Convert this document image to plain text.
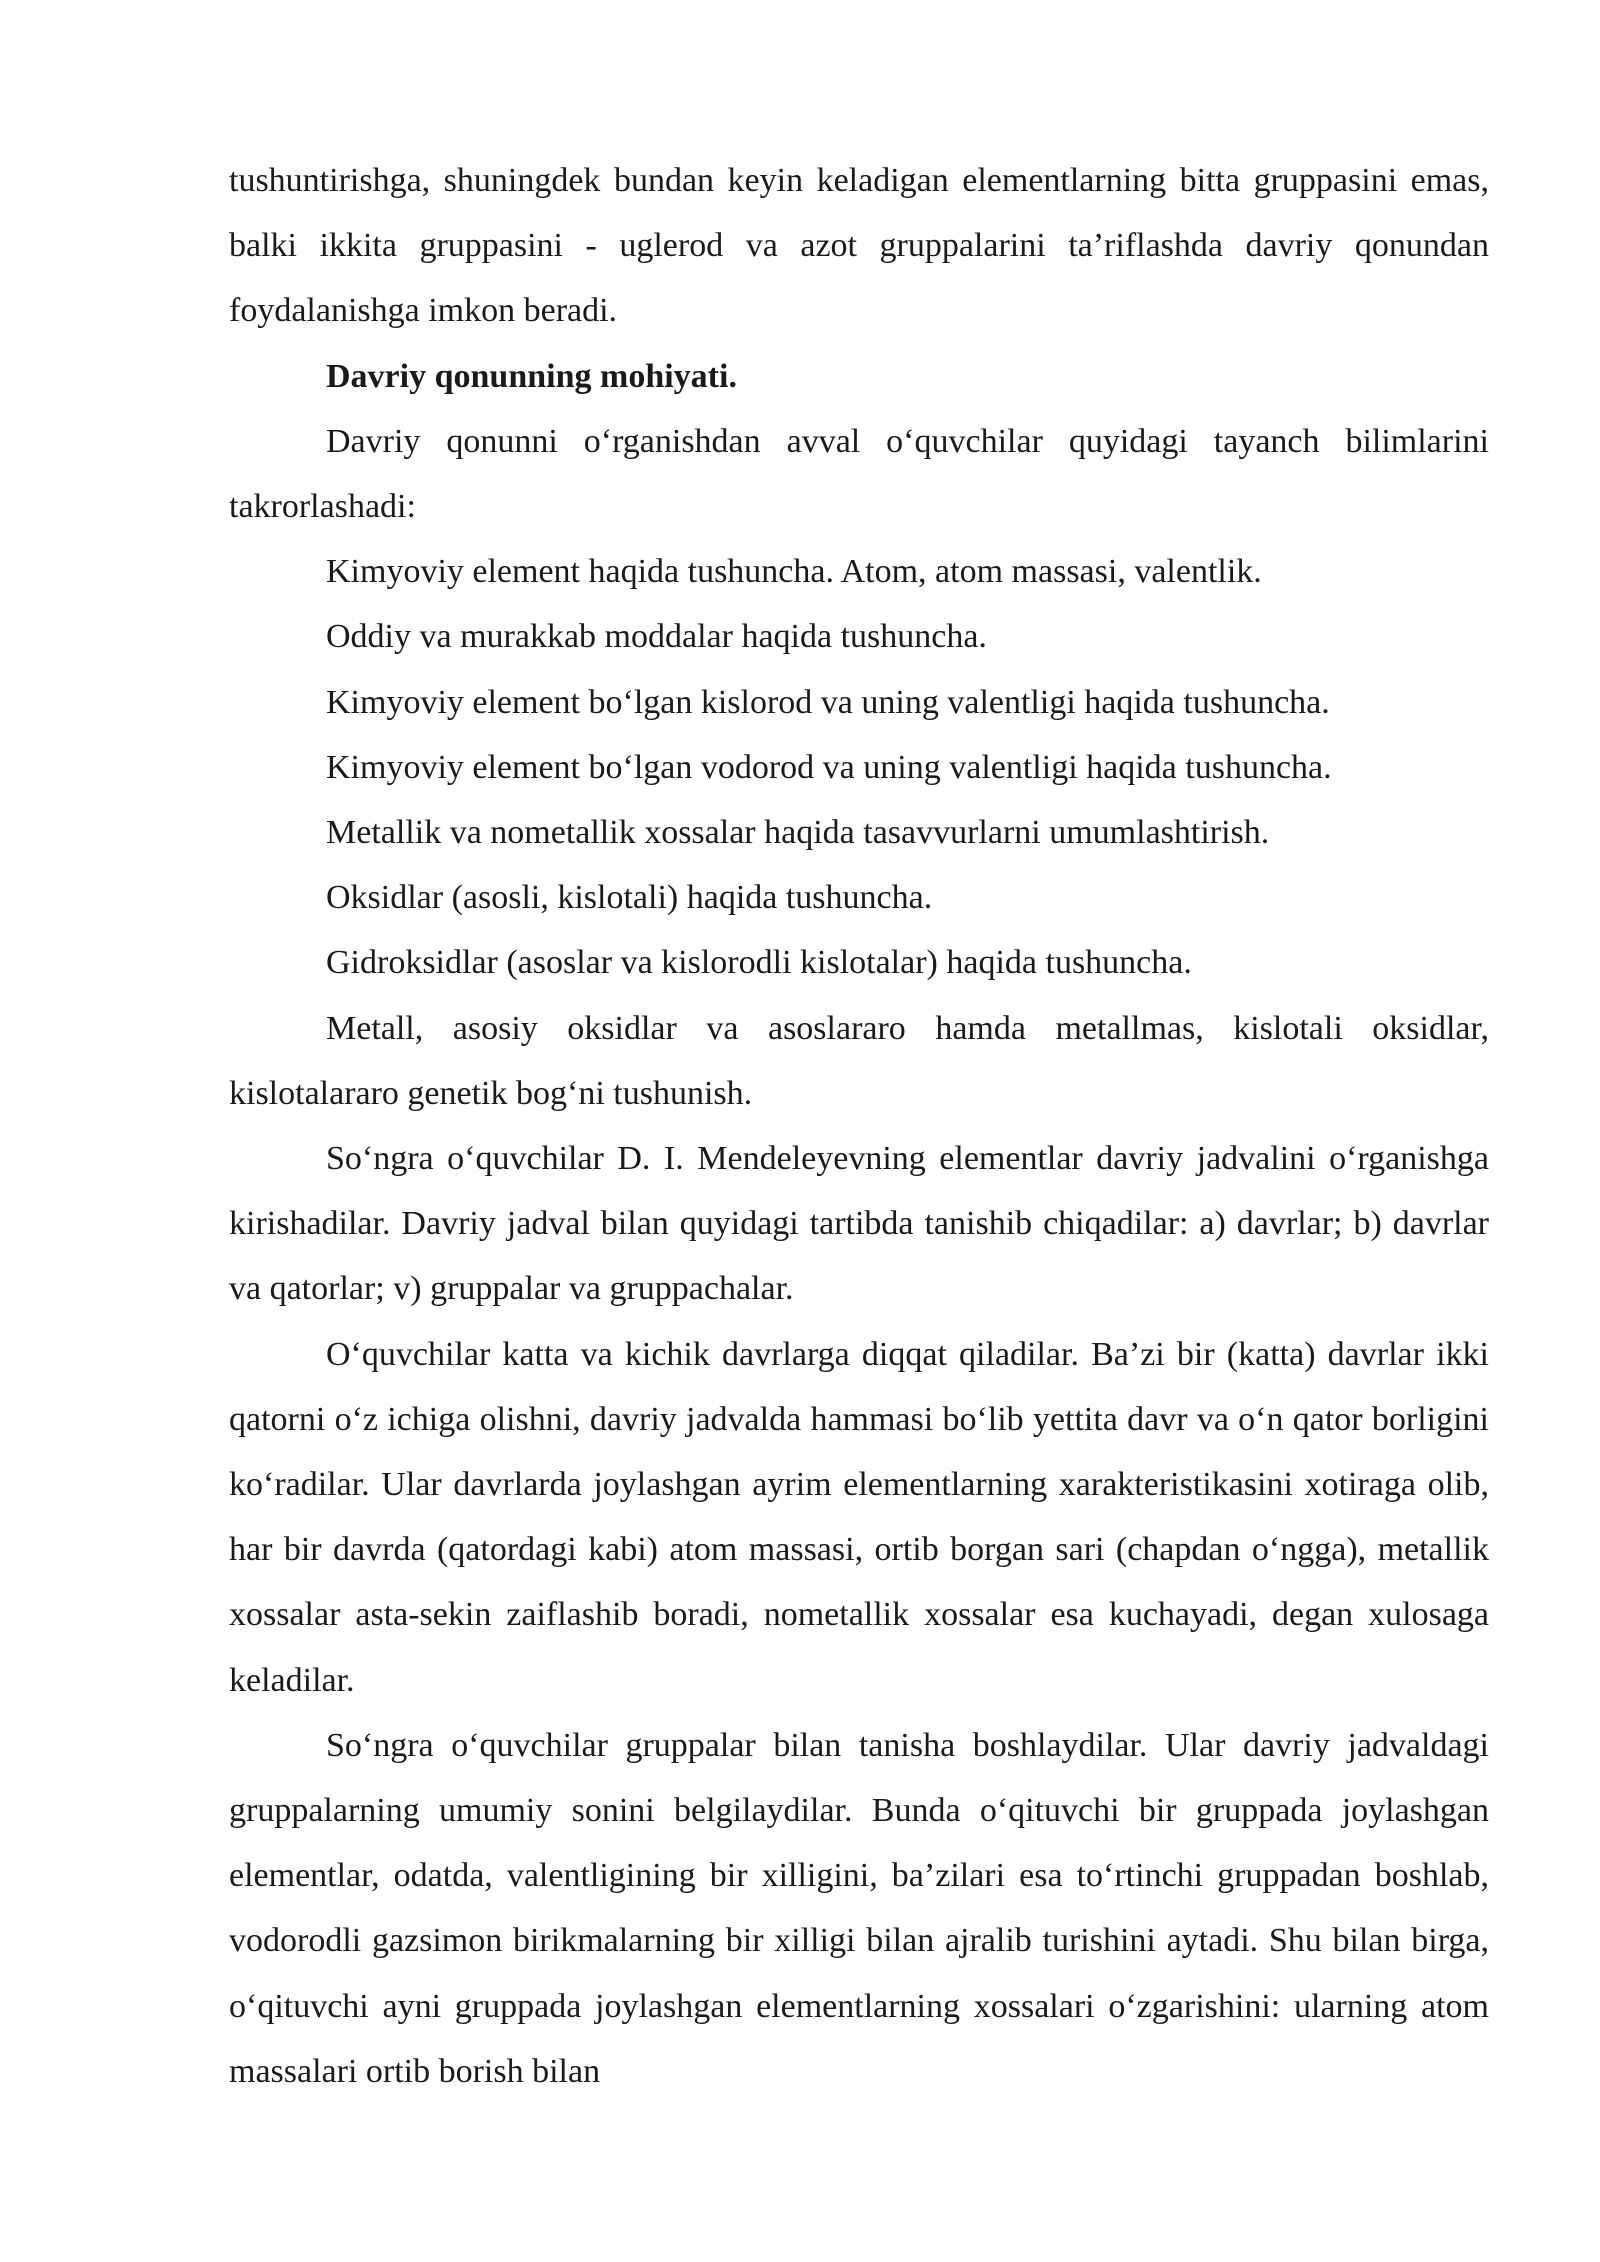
tushuntirishga, shuningdek bundan keyin keladigan elementlarning bitta gruppasini emas, balki ikkita gruppasini - uglerod va azot gruppalarini ta’riflashda davriy qonundan foydalanishga imkon beradi.

Davriy qonunning mohiyati.

Davriy qonunni o‘rganishdan avval o‘quvchilar quyidagi tayanch bilimlarini takrorlashadi:

Kimyoviy element haqida tushuncha. Atom, atom massasi, valentlik.

Oddiy va murakkab moddalar haqida tushuncha.

Kimyoviy element bo‘lgan kislorod va uning valentligi haqida tushuncha.

Kimyoviy element bo‘lgan vodorod va uning valentligi haqida tushuncha.

Metallik va nometallik xossalar haqida tasavvurlarni umumlashtirish.

Oksidlar (asosli, kislotali) haqida tushuncha.

Gidroksidlar (asoslar va kislorodli kislotalar) haqida tushuncha.

Metall, asosiy oksidlar va asoslararo hamda metallmas, kislotali oksidlar, kislotalararo genetik bog‘ni tushunish.

So‘ngra o‘quvchilar D. I. Mendeleyevning elementlar davriy jadvalini o‘rganishga kirishadilar. Davriy jadval bilan quyidagi tartibda tanishib chiqadilar: a) davrlar; b) davrlar va qatorlar; v) gruppalar va gruppachalar.

O‘quvchilar katta va kichik davrlarga diqqat qiladilar. Ba’zi bir (katta) davrlar ikki qatorni o‘z ichiga olishni, davriy jadvalda hammasi bo‘lib yettita davr va o‘n qator borligini ko‘radilar. Ular davrlarda joylashgan ayrim elementlarning xarakteristikasini xotiraga olib, har bir davrda (qatordagi kabi) atom massasi, ortib borgan sari (chapdan o‘ngga), metallik xossalar asta-sekin zaiflashib boradi, nometallik xossalar esa kuchayadi, degan xulosaga keladilar.

So‘ngra o‘quvchilar gruppalar bilan tanisha boshlaydilar. Ular davriy jadvaldagi gruppalarning umumiy sonini belgilaydilar. Bunda o‘qituvchi bir gruppada joylashgan elementlar, odatda, valentligining bir xilligini, ba’zilari esa to‘rtinchi gruppadan boshlab, vodorodli gazsimon birikmalarning bir xilligi bilan ajralib turishini aytadi. Shu bilan birga, o‘qituvchi ayni gruppada joylashgan elementlarning xossalari o‘zgarishini: ularning atom massalari ortib borish bilan
